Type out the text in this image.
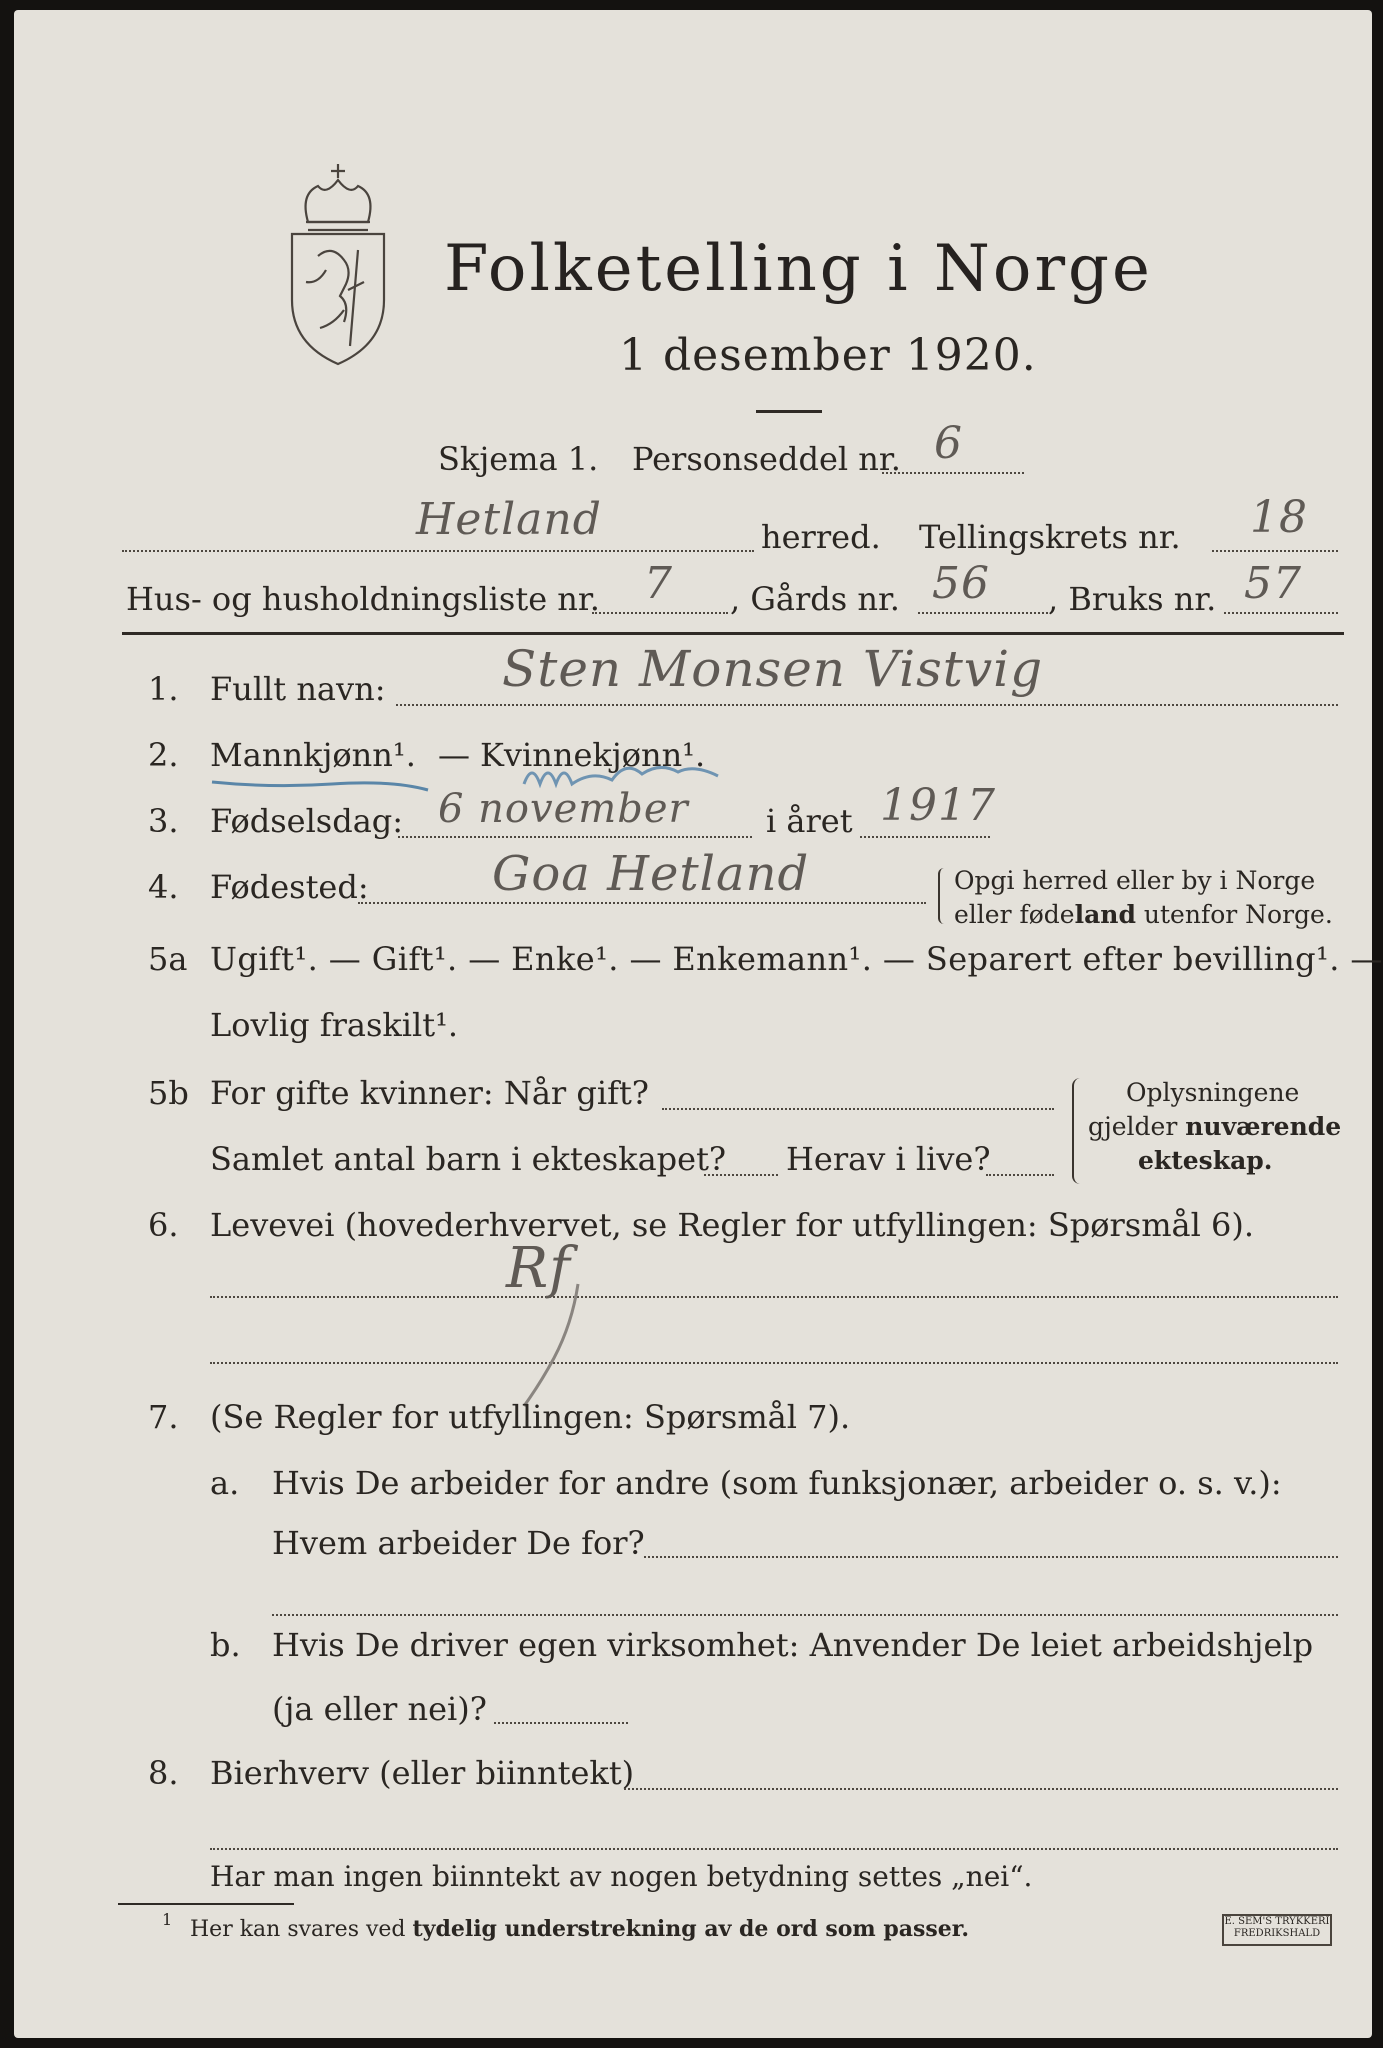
Folketelling i Norge
1 desember 1920.
Skjema 1. Personseddel nr. 6
Hetland	herred. Tellingskrets nr. 18
Hus- og husholdningsliste nr. 7 , Gårds nr. 56 , Bruks nr. 57
1. Fullt navn: Sten Monsen Vistvig
2. Mannkjønn¹. — Kvinnekjønn¹.
3. Fødselsdag: 6 november i året 1917
4. Fødested:	Goa Hetland	Opgi herred eller by i Norge
eller fødeland utenfor Norge.
5a Ugift¹. — Gift¹. — Enke¹. — Enkemann¹. — Separert efter bevilling¹. —
Lovlig fraskilt¹.
5b For gifte kvinner: Når gift?
Samlet antal barn i ekteskapet? Herav i live?
Oplysningene
gjelder nuværende
ekteskap.
6. Levevei (hovederhvervet, se Regler for utfyllingen: Spørsmål 6).
Rf
7. (Se Regler for utfyllingen: Spørsmål 7).
a. Hvis De arbeider for andre (som funksjonær, arbeider o. s. v.):
Hvem arbeider De for?
b. Hvis De driver egen virksomhet: Anvender De leiet arbeidshjelp
(ja eller nei)?
8. Bierhverv (eller biinntekt)
Har man ingen biinntekt av nogen betydning settes „nei“.
1 Her kan svares ved tydelig understrekning av de ord som passer.	E. SEM'S TRYKKERI
FREDRIKSHALD
